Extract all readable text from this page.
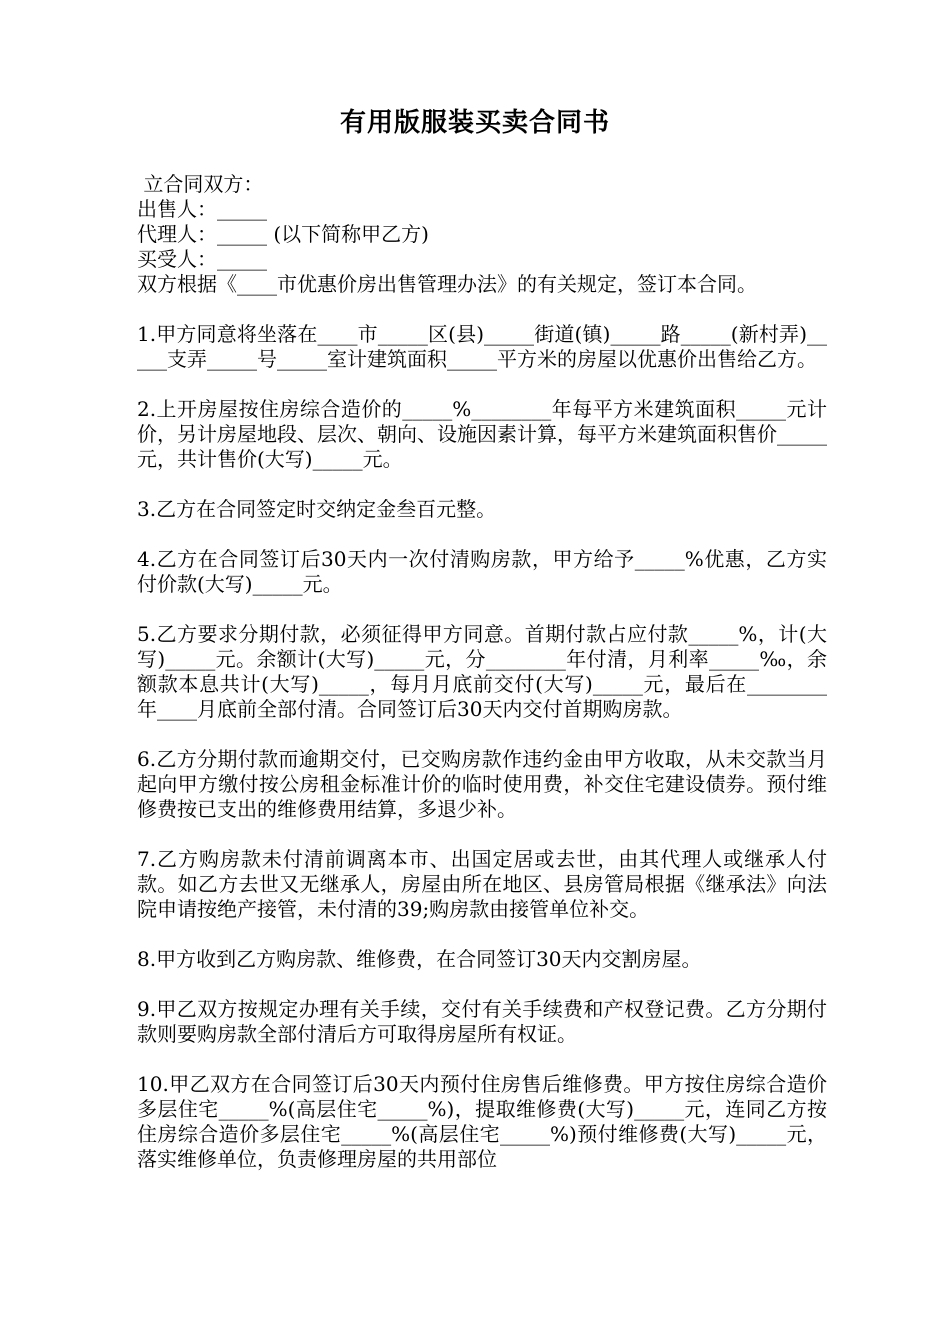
有用版服装买卖合同书
立合同双方：
出售人：_____
代理人：_____ (以下简称甲乙方)
买受人：_____
双方根据《____市优惠价房出售管理办法》的有关规定，签订本合同。
1.甲方同意将坐落在____市_____区(县)_____街道(镇)_____路_____(新村弄)_____支弄_____号_____室计建筑面积_____平方米的房屋以优惠价出售给乙方。
2.上开房屋按住房综合造价的_____%________年每平方米建筑面积_____元计价，另计房屋地段、层次、朝向、设施因素计算，每平方米建筑面积售价_____元，共计售价(大写)_____元。
3.乙方在合同签定时交纳定金叁百元整。
4.乙方在合同签订后30天内一次付清购房款，甲方给予_____%优惠，乙方实付价款(大写)_____元。
5.乙方要求分期付款，必须征得甲方同意。首期付款占应付款_____%，计(大写)_____元。余额计(大写)_____元，分________年付清，月利率_____‰，余额款本息共计(大写)_____，每月月底前交付(大写)_____元，最后在________年____月底前全部付清。合同签订后30天内交付首期购房款。
6.乙方分期付款而逾期交付，已交购房款作违约金由甲方收取，从未交款当月起向甲方缴付按公房租金标准计价的临时使用费，补交住宅建设债券。预付维修费按已支出的维修费用结算，多退少补。
7.乙方购房款未付清前调离本市、出国定居或去世，由其代理人或继承人付款。如乙方去世又无继承人，房屋由所在地区、县房管局根据《继承法》向法院申请按绝产接管，未付清的39;购房款由接管单位补交。
8.甲方收到乙方购房款、维修费，在合同签订30天内交割房屋。
9.甲乙双方按规定办理有关手续，交付有关手续费和产权登记费。乙方分期付款则要购房款全部付清后方可取得房屋所有权证。
10.甲乙双方在合同签订后30天内预付住房售后维修费。甲方按住房综合造价多层住宅_____%(高层住宅_____%)，提取维修费(大写)_____元，连同乙方按住房综合造价多层住宅_____%(高层住宅_____%)预付维修费(大写)_____元，落实维修单位，负责修理房屋的共用部位
